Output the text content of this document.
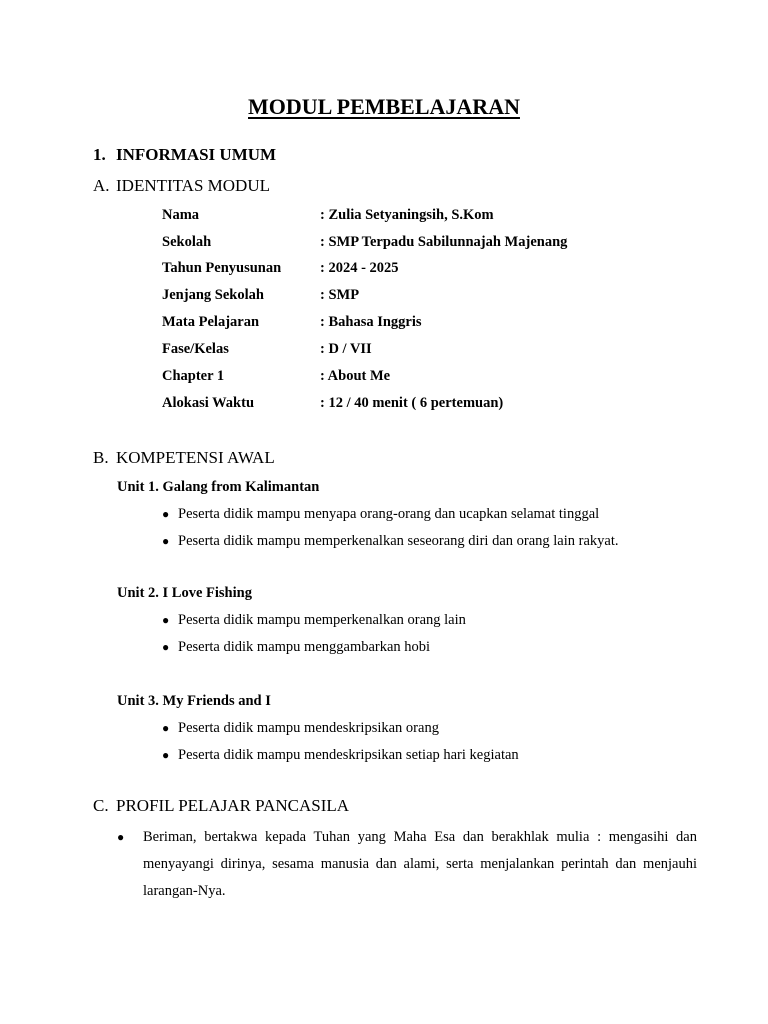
MODUL PEMBELAJARAN
1. INFORMASI UMUM
A. IDENTITAS MODUL
Nama	: Zulia Setyaningsih, S.Kom
Sekolah	: SMP Terpadu Sabilunnajah Majenang
Tahun Penyusunan	: 2024 - 2025
Jenjang Sekolah	: SMP
Mata Pelajaran	: Bahasa Inggris
Fase/Kelas	: D / VII
Chapter 1	: About Me
Alokasi Waktu	: 12 / 40 menit ( 6 pertemuan)
B. KOMPETENSI AWAL
Unit 1. Galang from Kalimantan
● Peserta didik mampu menyapa orang-orang dan ucapkan selamat tinggal
● Peserta didik mampu memperkenalkan seseorang diri dan orang lain rakyat.
Unit 2. I Love Fishing
● Peserta didik mampu memperkenalkan orang lain
● Peserta didik mampu menggambarkan hobi
Unit 3. My Friends and I
● Peserta didik mampu mendeskripsikan orang
● Peserta didik mampu mendeskripsikan setiap hari kegiatan
C. PROFIL PELAJAR PANCASILA
●	Beriman, bertakwa kepada Tuhan yang Maha Esa dan berakhlak mulia : mengasihi dan menyayangi dirinya, sesama manusia dan alami, serta menjalankan perintah dan menjauhi larangan-Nya.
